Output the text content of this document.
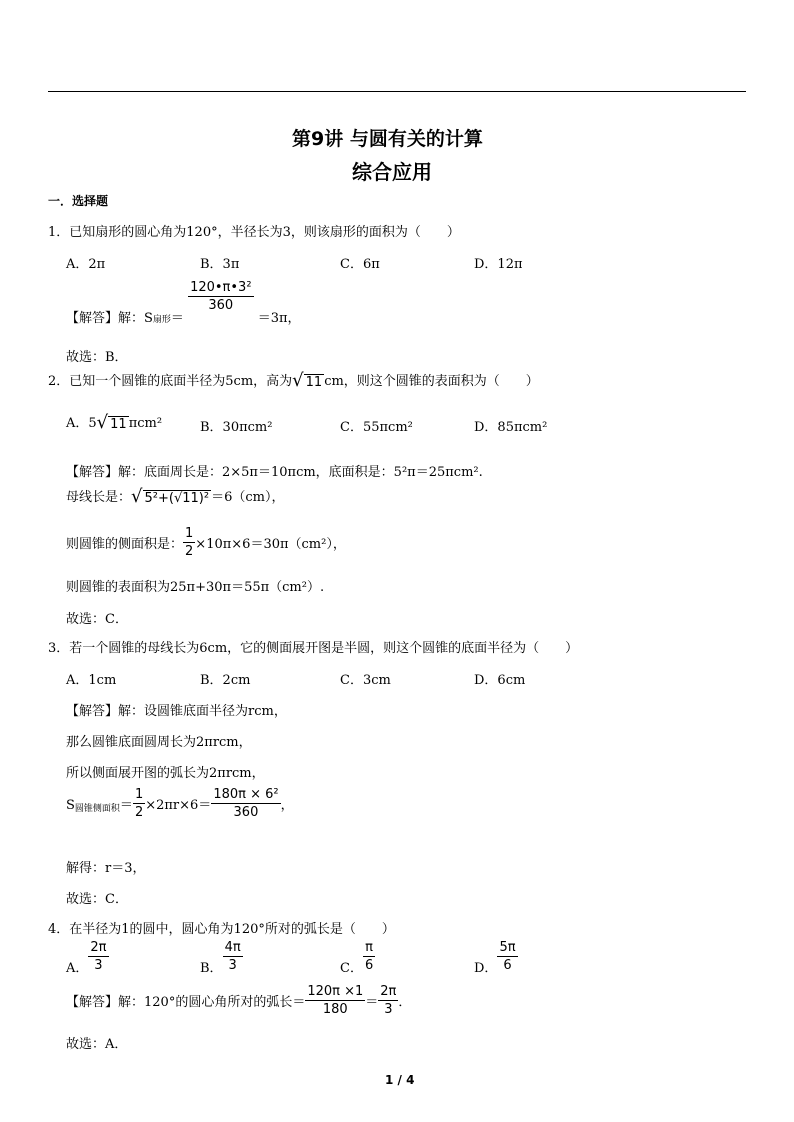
第9讲 与圆有关的计算
综合应用
一．选择题
1．已知扇形的圆心角为120°，半径长为3，则该扇形的面积为（　　）
A．2π	B．3π	C．6π	D．12π
【解答】解：$S_{扇形}=$
$\frac{\text{120•π•3²}}{360}$
＝3π，
故选：B．
2．已知一个圆锥的底面半径为5cm，高为 √ 11 cm，则这个圆锥的表面积为（　　）
A．5 √ 11 πcm²	B．30πcm²	C．55πcm²	D．85πcm²
【解答】解：底面周长是：2×5π＝10πcm，底面积是：5²π＝25πcm².
母线长是： √ 5²+(√11)² ＝6（cm），
则圆锥的侧面积是： $\frac{1}{2} \times 10\pi\times 6=30\pi(cm^2)$，
则圆锥的表面积为25π+30π＝55π（cm²）.
故选：C．
3．若一个圆锥的母线长为6cm，它的侧面展开图是半圆，则这个圆锥的底面半径为（　　）
A．1cm	B．2cm	C．3cm	D．6cm
【解答】解：设圆锥底面半径为rcm，
那么圆锥底面圆周长为2πrcm，
所以侧面展开图的弧长为2πrcm，
$S_{圆锥侧面积}= \frac{1}{2} \times 2\pi r\times 6= \frac{\text{180π × 6²}}{360}$ ，
解得：r＝3，
故选：C．
4．在半径为1的圆中，圆心角为120°所对的弧长是（　　）
A． $\frac{2\pi}{3}$	B． $\frac{4\pi}{3}$	C． $\frac{\pi}{6}$	D． $\frac{5\pi}{6}$
【解答】解：120°的圆心角所对的弧长＝ $\frac{120\pi \times 1}{180} = \frac{2\pi}{3}$ ．
故选：A．
1 / 4
